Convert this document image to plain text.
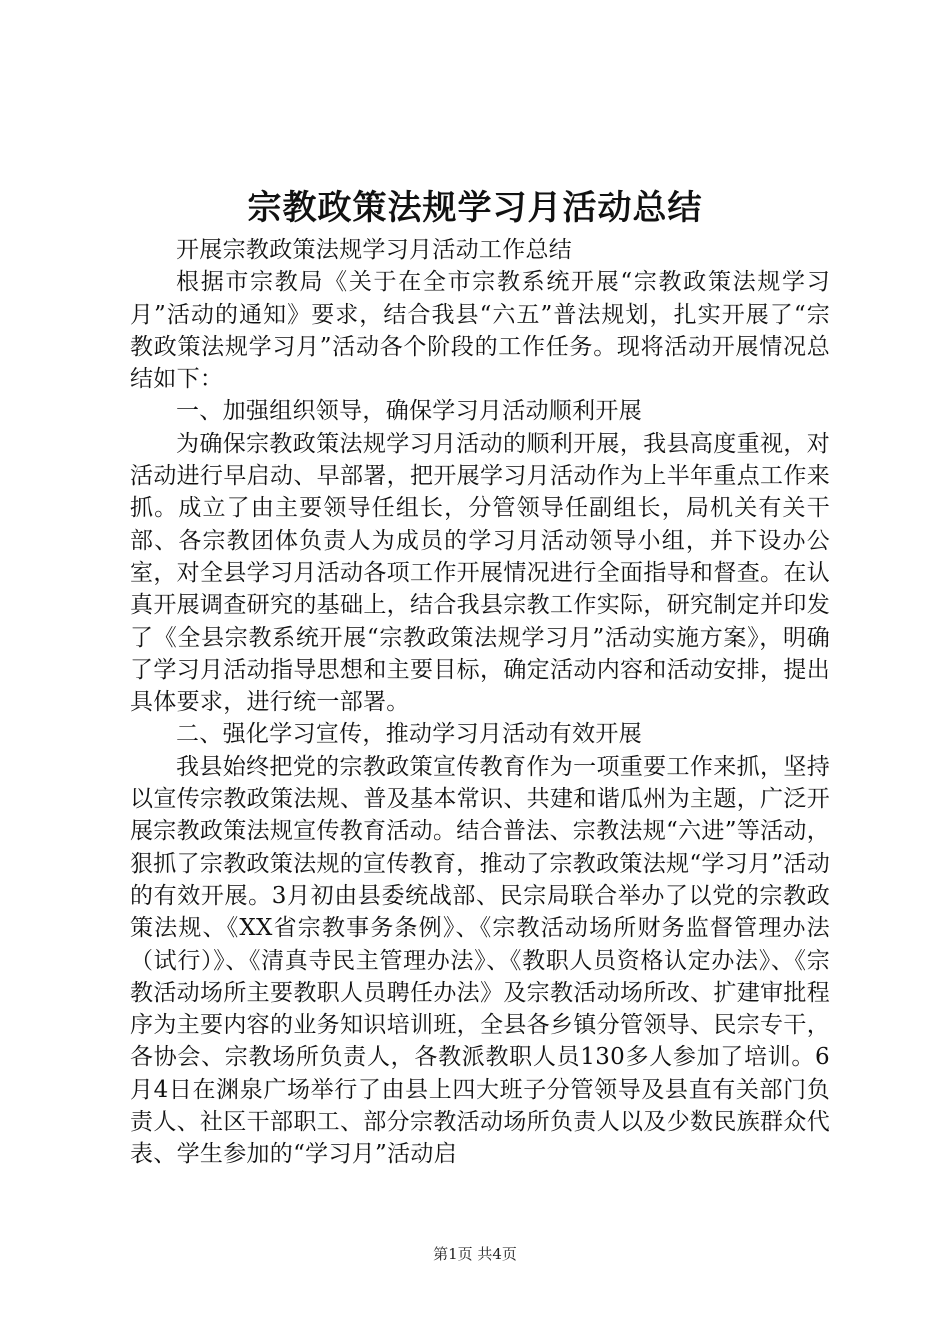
宗教政策法规学习月活动总结

开展宗教政策法规学习月活动工作总结

根据市宗教局《关于在全市宗教系统开展“宗教政策法规学习月”活动的通知》要求，结合我县“六五”普法规划，扎实开展了“宗教政策法规学习月”活动各个阶段的工作任务。现将活动开展情况总结如下：

一、加强组织领导，确保学习月活动顺利开展

为确保宗教政策法规学习月活动的顺利开展，我县高度重视，对活动进行早启动、早部署，把开展学习月活动作为上半年重点工作来抓。成立了由主要领导任组长，分管领导任副组长，局机关有关干部、各宗教团体负责人为成员的学习月活动领导小组，并下设办公室，对全县学习月活动各项工作开展情况进行全面指导和督查。在认真开展调查研究的基础上，结合我县宗教工作实际，研究制定并印发了《全县宗教系统开展“宗教政策法规学习月”活动实施方案》，明确了学习月活动指导思想和主要目标，确定活动内容和活动安排，提出具体要求，进行统一部署。

二、强化学习宣传，推动学习月活动有效开展

我县始终把党的宗教政策宣传教育作为一项重要工作来抓，坚持以宣传宗教政策法规、普及基本常识、共建和谐瓜州为主题，广泛开展宗教政策法规宣传教育活动。结合普法、宗教法规“六进”等活动，狠抓了宗教政策法规的宣传教育，推动了宗教政策法规“学习月”活动的有效开展。3月初由县委统战部、民宗局联合举办了以党的宗教政策法规、《XX省宗教事务条例》、《宗教活动场所财务监督管理办法（试行）》、《清真寺民主管理办法》、《教职人员资格认定办法》、《宗教活动场所主要教职人员聘任办法》及宗教活动场所改、扩建审批程序为主要内容的业务知识培训班，全县各乡镇分管领导、民宗专干，各协会、宗教场所负责人，各教派教职人员130多人参加了培训。6月4日在渊泉广场举行了由县上四大班子分管领导及县直有关部门负责人、社区干部职工、部分宗教活动场所负责人以及少数民族群众代表、学生参加的“学习月”活动启

第1页 共4页
